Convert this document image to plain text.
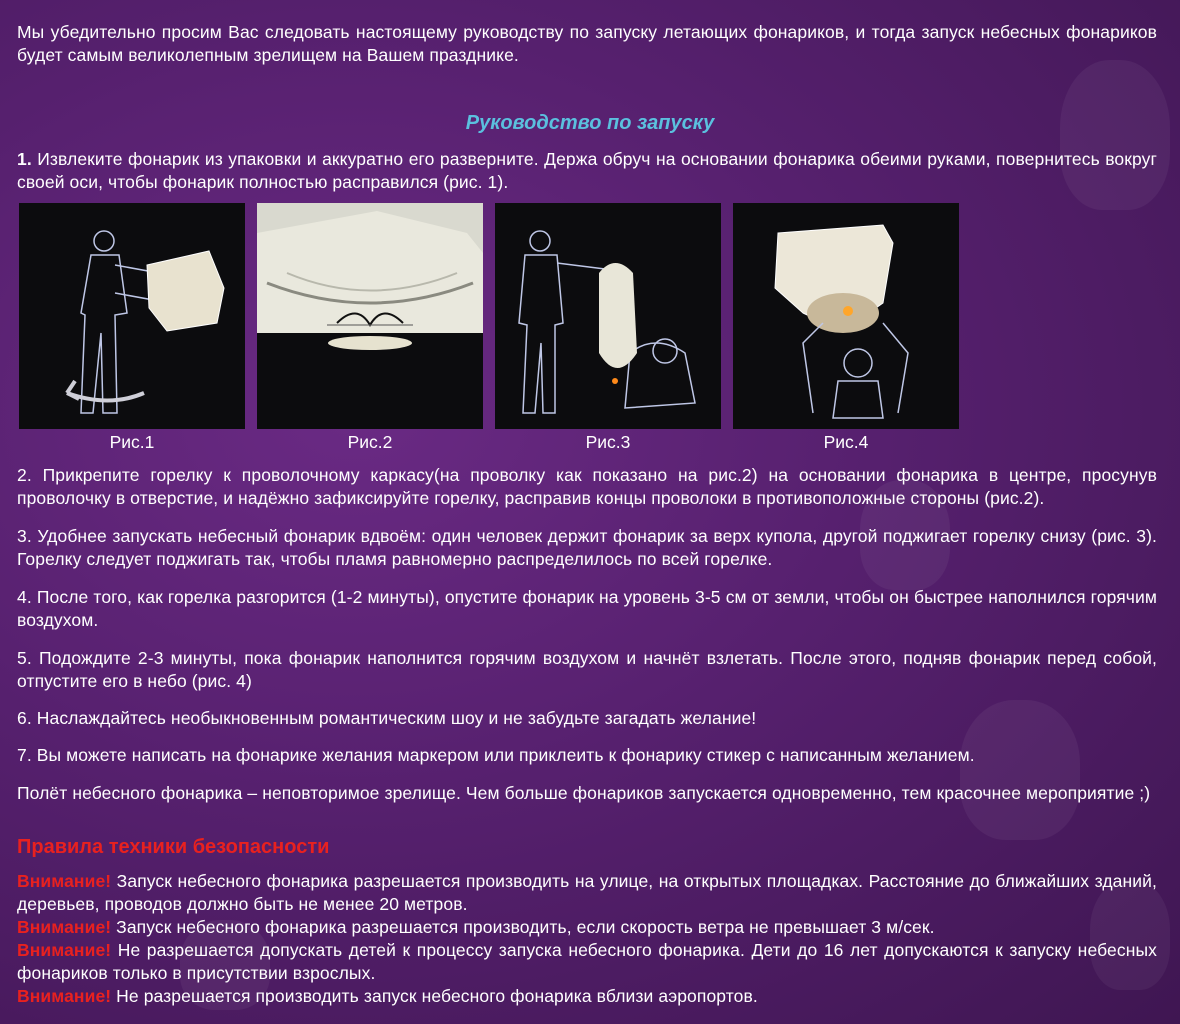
Мы убедительно просим Вас следовать настоящему руководству по запуску летающих фонариков, и тогда запуск небесных фонариков будет самым великолепным зрелищем на Вашем празднике.
Руководство по запуску
1. Извлеките фонарик из упаковки и аккуратно его разверните. Держа обруч на основании фонарика обеими руками, повернитесь вокруг своей оси, чтобы фонарик полностью расправился (рис. 1).
Рис.1	Рис.2	Рис.3	Рис.4
2. Прикрепите горелку к проволочному каркасу(на проволку как показано на рис.2) на основании фонарика в центре, просунув проволочку в отверстие, и надёжно зафиксируйте горелку, расправив концы проволоки в противоположные стороны (рис.2).
3. Удобнее запускать небесный фонарик вдвоём: один человек держит фонарик за верх купола, другой поджигает горелку снизу (рис. 3). Горелку следует поджигать так, чтобы пламя равномерно распределилось по всей горелке.
4. После того, как горелка разгорится (1-2 минуты), опустите фонарик на уровень 3-5 см от земли, чтобы он быстрее наполнился горячим воздухом.
5. Подождите 2-3 минуты, пока фонарик наполнится горячим воздухом и начнёт взлетать. После этого, подняв фонарик перед собой, отпустите его в небо (рис. 4)
6. Наслаждайтесь необыкновенным романтическим шоу и не забудьте загадать желание!
7. Вы можете написать на фонарике желания маркером или приклеить к фонарику стикер с написанным желанием.
Полёт небесного фонарика – неповторимое зрелище. Чем больше фонариков запускается одновременно, тем красочнее мероприятие ;)
Правила техники безопасности
Внимание! Запуск небесного фонарика разрешается производить на улице, на открытых площадках. Расстояние до ближайших зданий, деревьев, проводов должно быть не менее 20 метров.
Внимание! Запуск небесного фонарика разрешается производить, если скорость ветра не превышает 3 м/сек.
Внимание! Не разрешается допускать детей к процессу запуска небесного фонарика. Дети до 16 лет допускаются к запуску небесных фонариков только в присутствии взрослых.
Внимание! Не разрешается производить запуск небесного фонарика вблизи аэропортов.
